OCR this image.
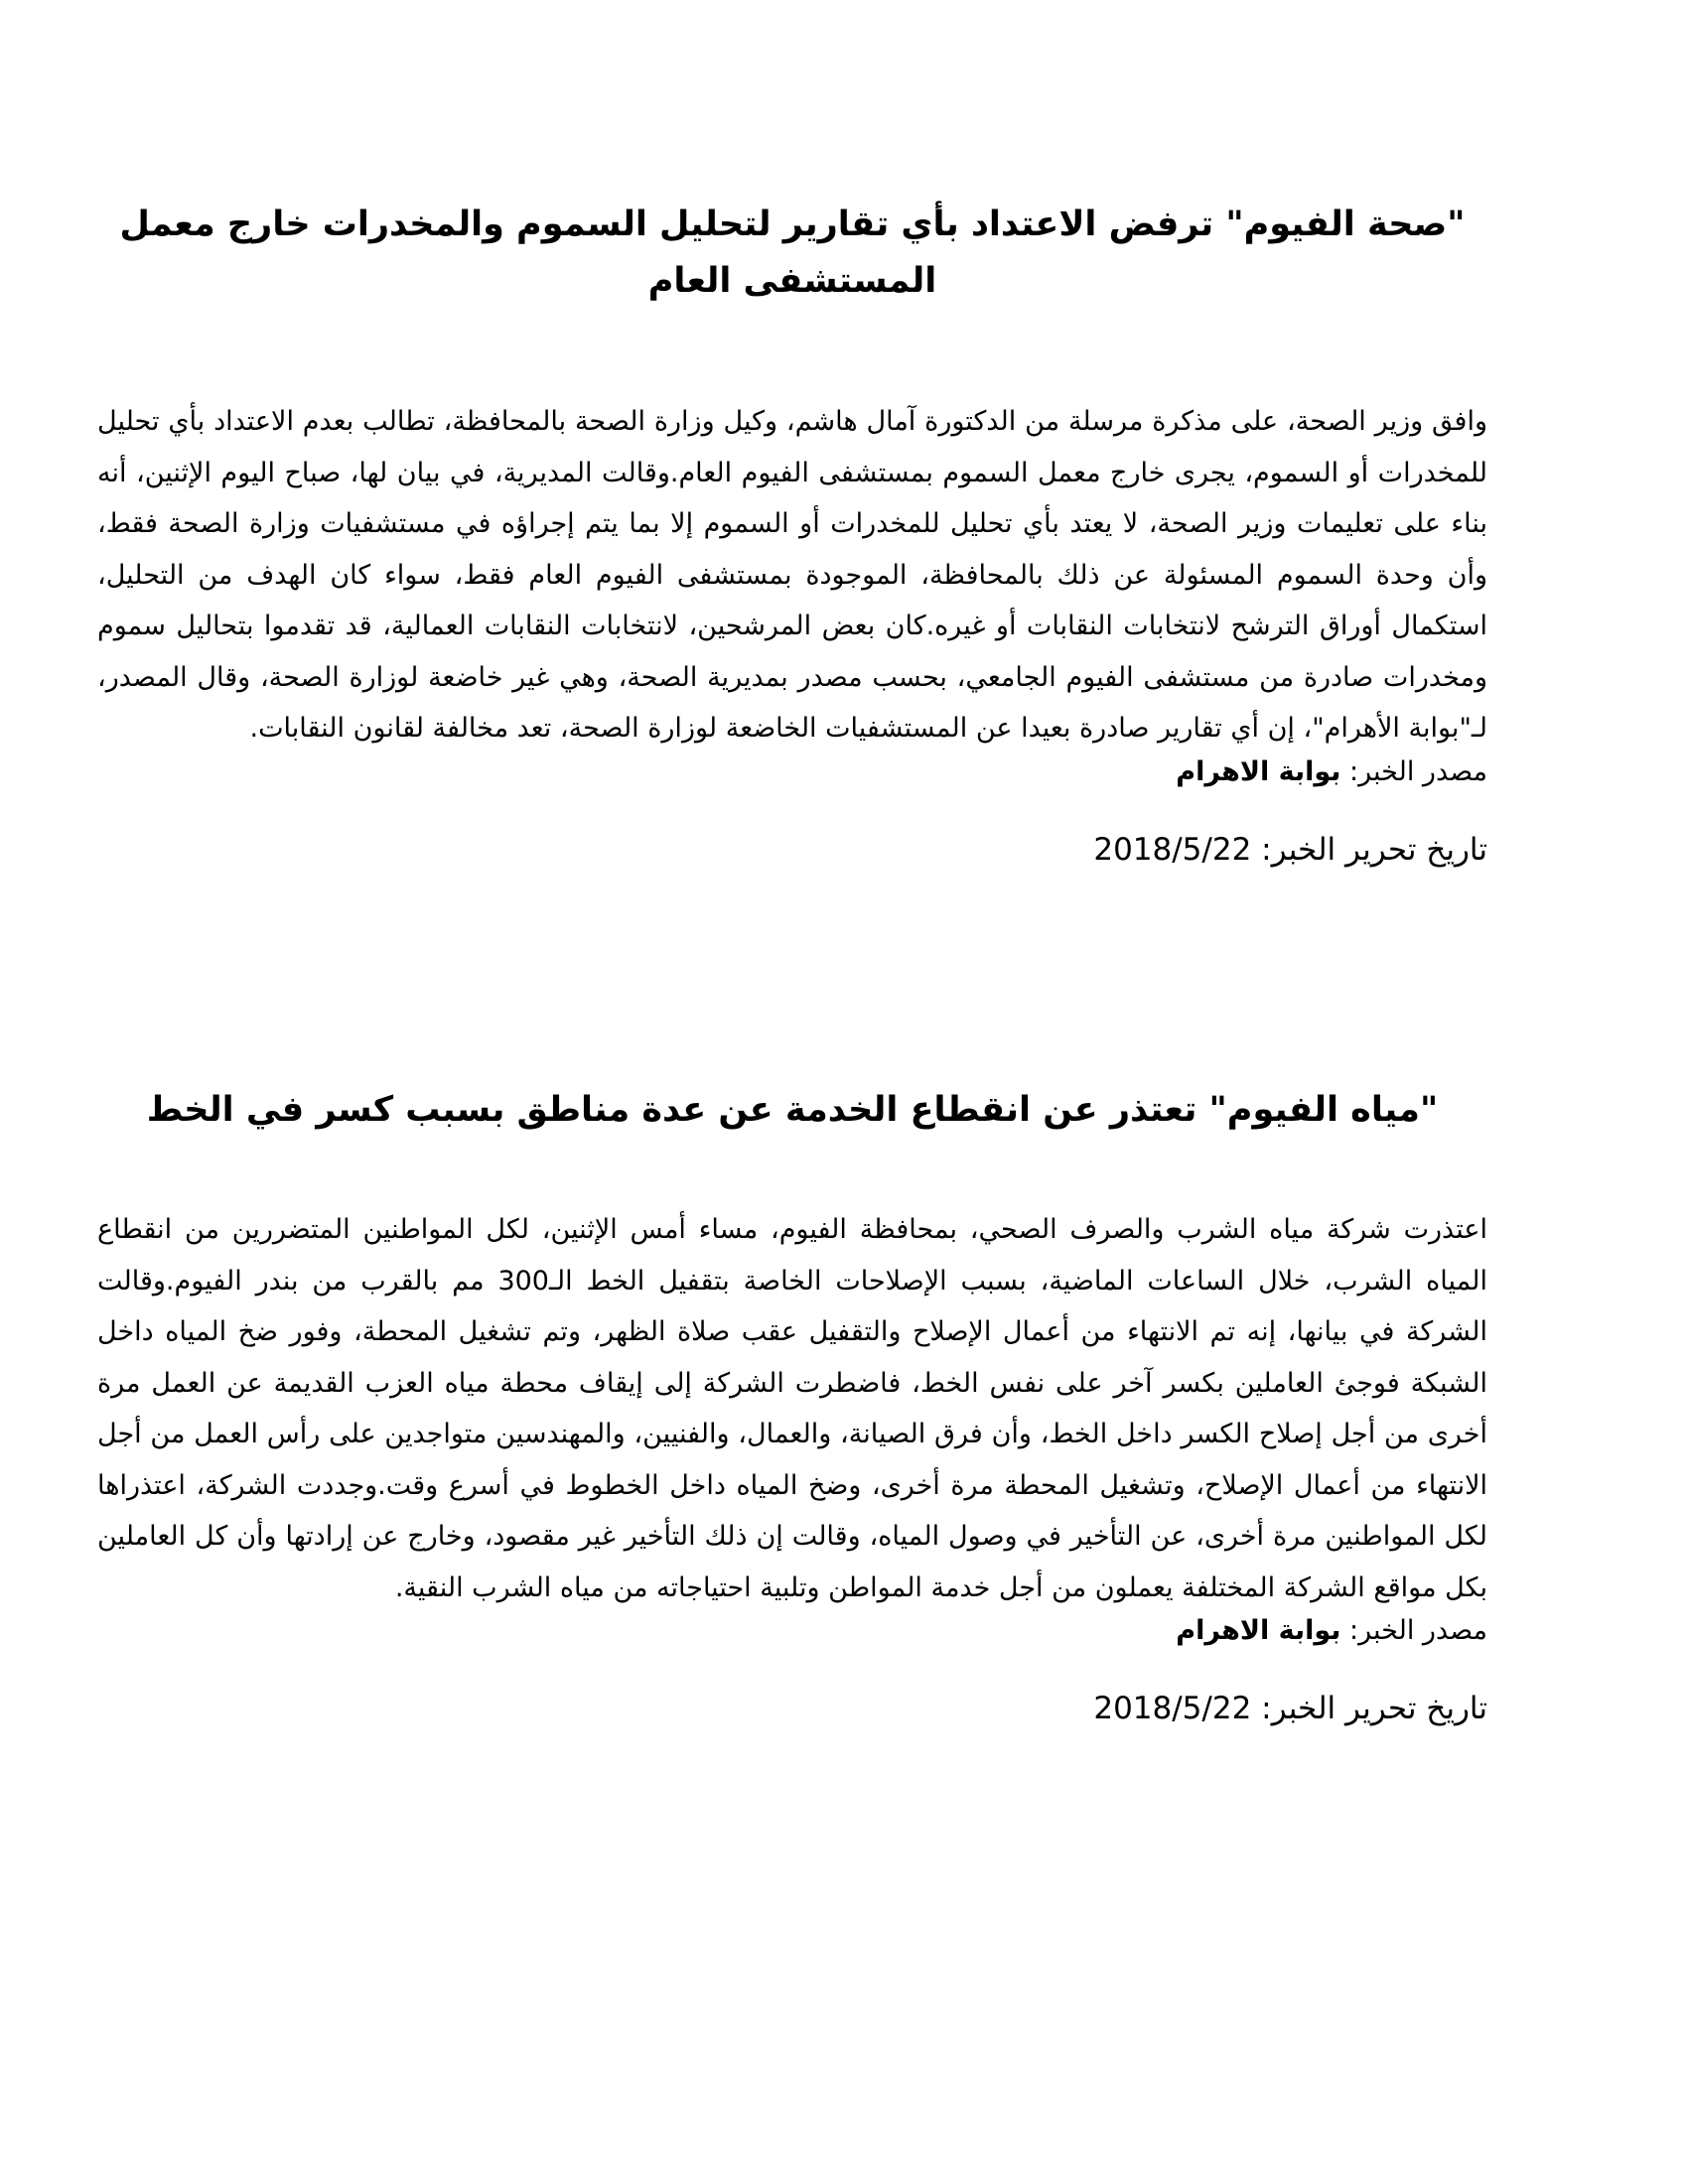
"صحة الفيوم" ترفض الاعتداد بأي تقارير لتحليل السموم والمخدرات خارج معمل المستشفى العام

وافق وزير الصحة، على مذكرة مرسلة من الدكتورة آمال هاشم، وكيل وزارة الصحة بالمحافظة، تطالب بعدم الاعتداد بأي تحليل للمخدرات أو السموم، يجرى خارج معمل السموم بمستشفى الفيوم العام.وقالت المديرية، في بيان لها، صباح اليوم الإثنين، أنه بناء على تعليمات وزير الصحة، لا يعتد بأي تحليل للمخدرات أو السموم إلا بما يتم إجراؤه في مستشفيات وزارة الصحة فقط، وأن وحدة السموم المسئولة عن ذلك بالمحافظة، الموجودة بمستشفى الفيوم العام فقط، سواء كان الهدف من التحليل، استكمال أوراق الترشح لانتخابات النقابات أو غيره.كان بعض المرشحين، لانتخابات النقابات العمالية، قد تقدموا بتحاليل سموم ومخدرات صادرة من مستشفى الفيوم الجامعي، بحسب مصدر بمديرية الصحة، وهي غير خاضعة لوزارة الصحة، وقال المصدر، لـ"بوابة الأهرام"، إن أي تقارير صادرة بعيدا عن المستشفيات الخاضعة لوزارة الصحة، تعد مخالفة لقانون النقابات.

مصدر الخبر: بوابة الاهرام

تاريخ تحرير الخبر: 2018/5/22

"مياه الفيوم" تعتذر عن انقطاع الخدمة عن عدة مناطق بسبب كسر في الخط

اعتذرت شركة مياه الشرب والصرف الصحي، بمحافظة الفيوم، مساء أمس الإثنين، لكل المواطنين المتضررين من انقطاع المياه الشرب، خلال الساعات الماضية، بسبب الإصلاحات الخاصة بتقفيل الخط الـ300 مم بالقرب من بندر الفيوم.وقالت الشركة في بيانها، إنه تم الانتهاء من أعمال الإصلاح والتقفيل عقب صلاة الظهر، وتم تشغيل المحطة، وفور ضخ المياه داخل الشبكة فوجئ العاملين بكسر آخر على نفس الخط، فاضطرت الشركة إلى إيقاف محطة مياه العزب القديمة عن العمل مرة أخرى من أجل إصلاح الكسر داخل الخط، وأن فرق الصيانة، والعمال، والفنيين، والمهندسين متواجدين على رأس العمل من أجل الانتهاء من أعمال الإصلاح، وتشغيل المحطة مرة أخرى، وضخ المياه داخل الخطوط في أسرع وقت.وجددت الشركة، اعتذراها لكل المواطنين مرة أخرى، عن التأخير في وصول المياه، وقالت إن ذلك التأخير غير مقصود، وخارج عن إرادتها وأن كل العاملين بكل مواقع الشركة المختلفة يعملون من أجل خدمة المواطن وتلبية احتياجاته من مياه الشرب النقية.

مصدر الخبر: بوابة الاهرام

تاريخ تحرير الخبر: 2018/5/22
